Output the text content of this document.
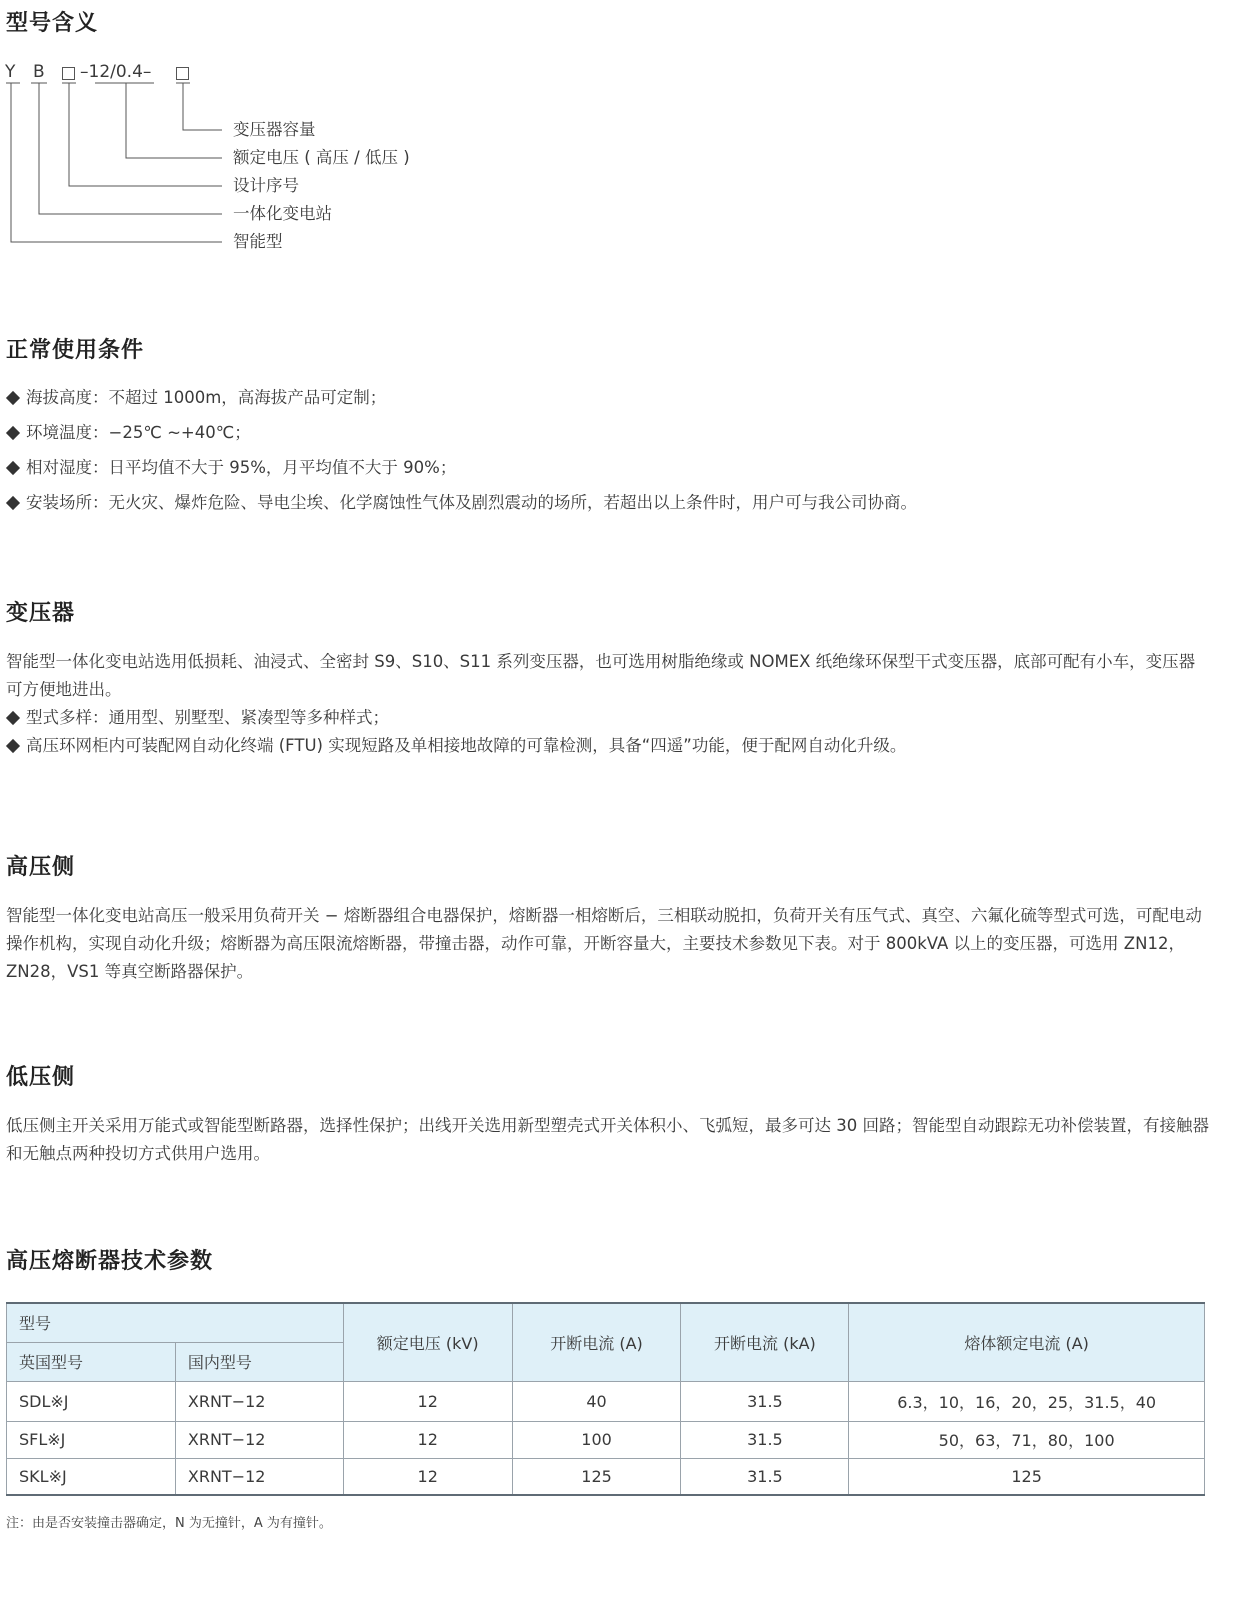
型号含义
Y B –12/0.4–
变压器容量
额定电压 ( 高压 / 低压 )
设计序号
一体化变电站
智能型
正常使用条件

海拔高度：不超过 1000m，高海拔产品可定制；

环境温度：−25℃ ~+40℃；

相对湿度：日平均值不大于 95%，月平均值不大于 90%；

安装场所：无火灾、爆炸危险、导电尘埃、化学腐蚀性气体及剧烈震动的场所，若超出以上条件时，用户可与我公司协商。

变压器

智能型一体化变电站选用低损耗、油浸式、全密封 S9、S10、S11 系列变压器，也可选用树脂绝缘或 NOMEX 纸绝缘环保型干式变压器，底部可配有小车，变压器可方便地进出。

型式多样：通用型、别墅型、紧凑型等多种样式；

高压环网柜内可装配网自动化终端 (FTU) 实现短路及单相接地故障的可靠检测，具备“四遥”功能，便于配网自动化升级。

高压侧

智能型一体化变电站高压一般采用负荷开关 − 熔断器组合电器保护，熔断器一相熔断后，三相联动脱扣，负荷开关有压气式、真空、六氟化硫等型式可选，可配电动操作机构，实现自动化升级；熔断器为高压限流熔断器，带撞击器，动作可靠，开断容量大，主要技术参数见下表。对于 800kVA 以上的变压器，可选用 ZN12， ZN28，VS1 等真空断路器保护。

低压侧

低压侧主开关采用万能式或智能型断路器，选择性保护；出线开关选用新型塑壳式开关体积小、飞弧短，最多可达 30 回路；智能型自动跟踪无功补偿装置，有接触器和无触点两种投切方式供用户选用。

高压熔断器技术参数
型号		额定电压 (kV)	开断电流 (A)	开断电流 (kA)	熔体额定电流 (A)
英国型号	国内型号				
SDL※J	XRNT−12	12	40	31.5	6.3，10，16，20，25，31.5，40
SFL※J	XRNT−12	12	100	31.5	50，63，71，80，100
SKL※J	XRNT−12	12	125	31.5	125

注：由是否安装撞击器确定，N 为无撞针，A 为有撞针。
